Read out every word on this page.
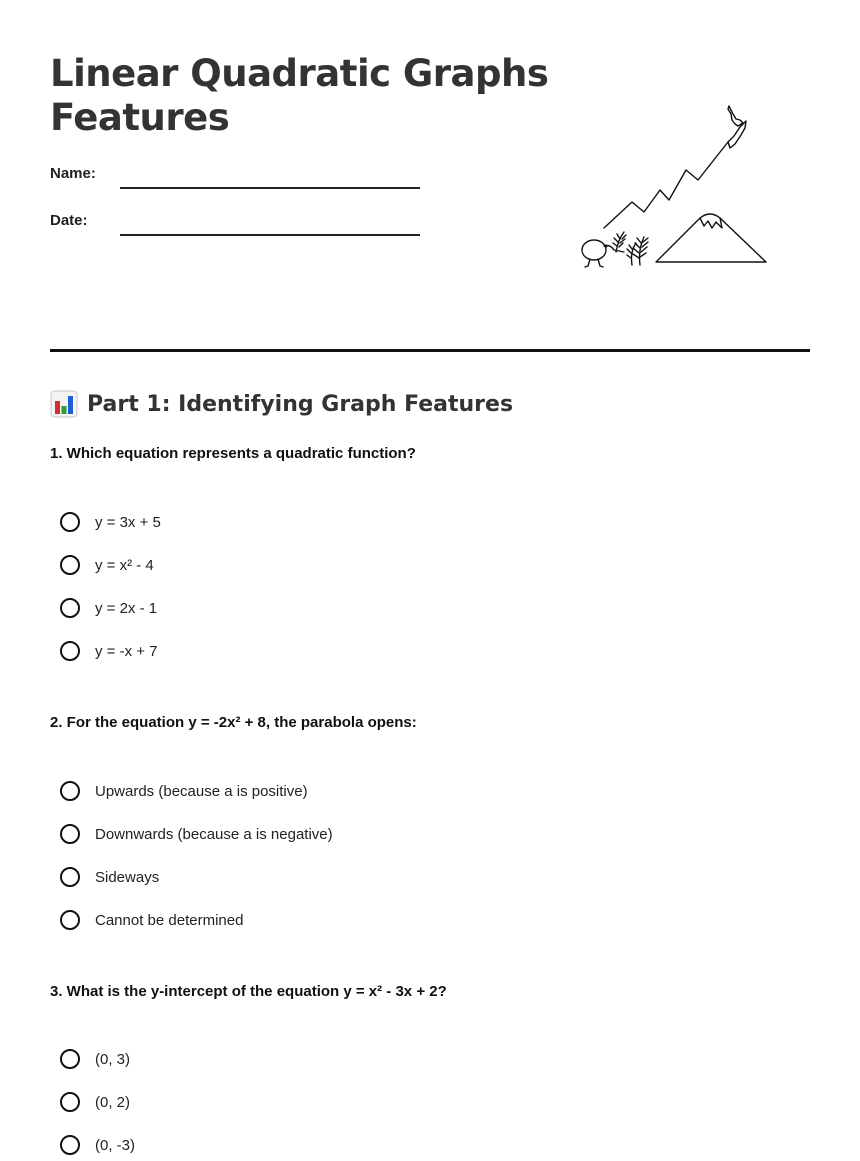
Linear Quadratic Graphs Features
Name:
Date:
Part 1: Identifying Graph Features
1. Which equation represents a quadratic function?
y = 3x + 5
y = x² - 4
y = 2x - 1
y = -x + 7
2. For the equation y = -2x² + 8, the parabola opens:
Upwards (because a is positive)
Downwards (because a is negative)
Sideways
Cannot be determined
3. What is the y-intercept of the equation y = x² - 3x + 2?
(0, 3)
(0, 2)
(0, -3)
